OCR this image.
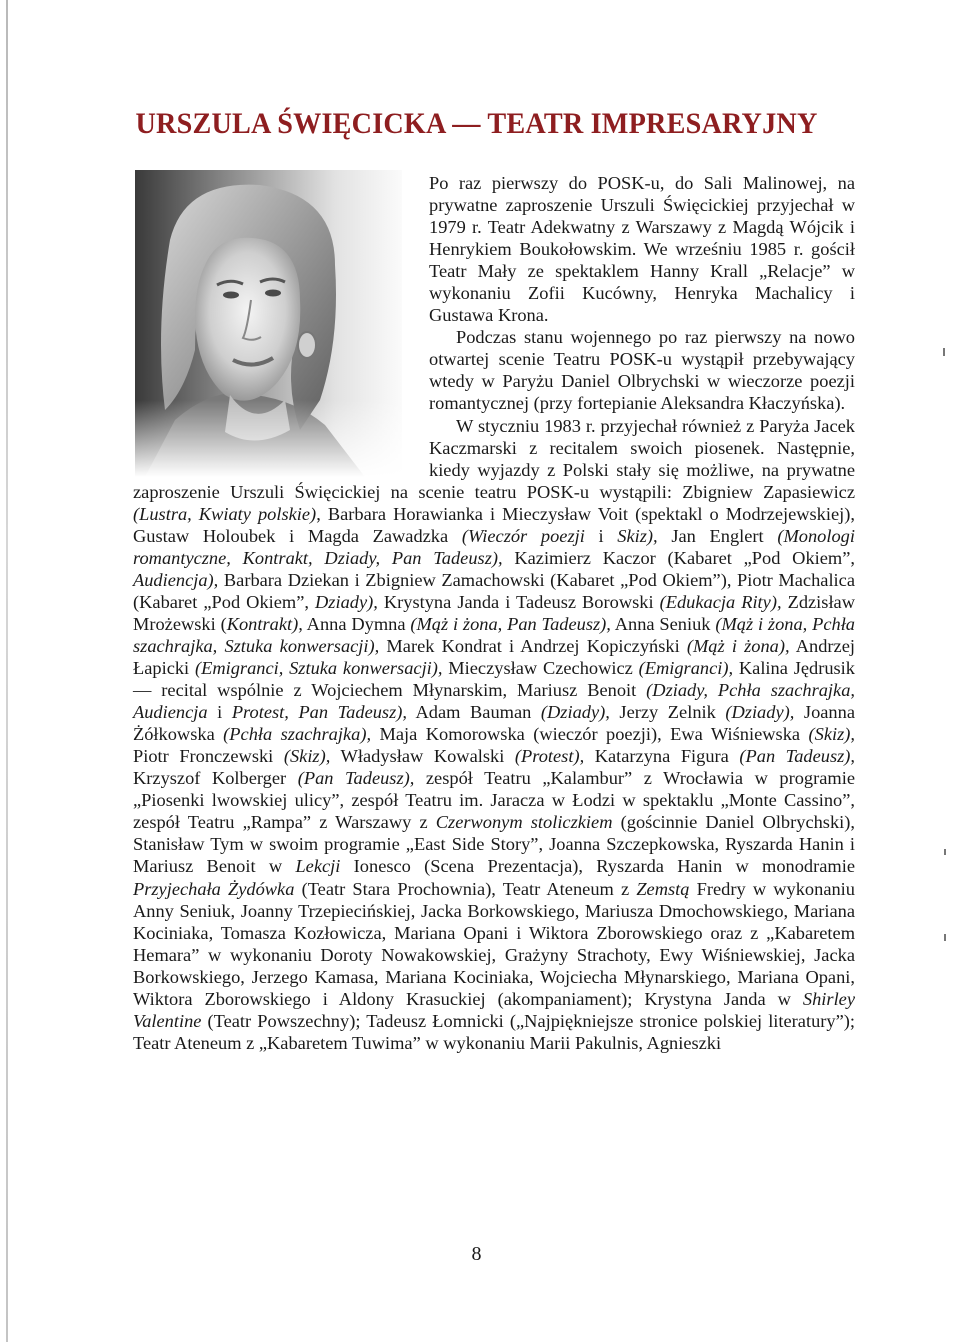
URSZULA ŚWIĘCICKA — TEATR IMPRESARYJNY

Po raz pierwszy do POSK-u, do Sali Malinowej, na prywatne zaproszenie Urszuli Święcickiej przyjechał w 1979 r. Teatr Adekwatny z Warszawy z Magdą Wójcik i Henrykiem Boukołowskim. We wrześniu 1985 r. gościł Teatr Mały ze spektaklem Hanny Krall „Relacje” w wykonaniu Zofii Kucówny, Henryka Machalicy i Gustawa Krona.

Podczas stanu wojennego po raz pierwszy na nowo otwartej scenie Teatru POSK-u wystąpił przebywający wtedy w Paryżu Daniel Olbrychski w wieczorze poezji romantycznej (przy fortepianie Aleksandra Kłaczyńska).

W styczniu 1983 r. przyjechał również z Paryża Jacek Kaczmarski z recitalem swoich piosenek. Następnie, kiedy wyjazdy z Polski stały się możliwe, na prywatne zaproszenie Urszuli Święcickiej na scenie teatru POSK-u wystąpili: Zbigniew Zapasiewicz (Lustra, Kwiaty polskie), Barbara Horawianka i Mieczysław Voit (spektakl o Modrzejewskiej), Gustaw Holoubek i Magda Zawadzka (Wieczór poezji i Skiz), Jan Englert (Monologi romantyczne, Kontrakt, Dziady, Pan Tadeusz), Kazimierz Kaczor (Kabaret „Pod Okiem”, Audiencja), Barbara Dziekan i Zbigniew Zamachowski (Kabaret „Pod Okiem”), Piotr Machalica (Kabaret „Pod Okiem”, Dziady), Krystyna Janda i Tadeusz Borowski (Edukacja Rity), Zdzisław Mrożewski (Kontrakt), Anna Dymna (Mąż i żona, Pan Tadeusz), Anna Seniuk (Mąż i żona, Pchła szachrajka, Sztuka konwersacji), Marek Kondrat i Andrzej Kopiczyński (Mąż i żona), Andrzej Łapicki (Emigranci, Sztuka konwersacji), Mieczysław Czechowicz (Emigranci), Kalina Jędrusik — recital wspólnie z Wojciechem Młynarskim, Mariusz Benoit (Dziady, Pchła szachrajka, Audiencja i Protest, Pan Tadeusz), Adam Bauman (Dziady), Jerzy Zelnik (Dziady), Joanna Żółkowska (Pchła szachrajka), Maja Komorowska (wieczór poezji), Ewa Wiśniewska (Skiz), Piotr Fronczewski (Skiz), Władysław Kowalski (Protest), Katarzyna Figura (Pan Tadeusz), Krzyszof Kolberger (Pan Tadeusz), zespół Teatru „Kalambur” z Wrocławia w programie „Piosenki lwowskiej ulicy”, zespół Teatru im. Jaracza w Łodzi w spektaklu „Monte Cassino”, zespół Teatru „Rampa” z Warszawy z Czerwonym stoliczkiem (gościnnie Daniel Olbrychski), Stanisław Tym w swoim programie „East Side Story”, Joanna Szczepkowska, Ryszarda Hanin i Mariusz Benoit w Lekcji Ionesco (Scena Prezentacja), Ryszarda Hanin w monodramie Przyjechała Żydówka (Teatr Stara Prochownia), Teatr Ateneum z Zemstą Fredry w wykonaniu Anny Seniuk, Joanny Trzepiecińskiej, Jacka Borkowskiego, Mariusza Dmochowskiego, Mariana Kociniaka, Tomasza Kozłowicza, Mariana Opani i Wiktora Zborowskiego oraz z „Kabaretem Hemara” w wykonaniu Doroty Nowakowskiej, Grażyny Strachoty, Ewy Wiśniewskiej, Jacka Borkowskiego, Jerzego Kamasa, Mariana Kociniaka, Wojciecha Młynarskiego, Mariana Opani, Wiktora Zborowskiego i Aldony Krasuckiej (akompaniament); Krystyna Janda w Shirley Valentine (Teatr Powszechny); Tadeusz Łomnicki („Najpiękniejsze stronice polskiej literatury”); Teatr Ateneum z „Kabaretem Tuwima” w wykonaniu Marii Pakulnis, Agnieszki

8
